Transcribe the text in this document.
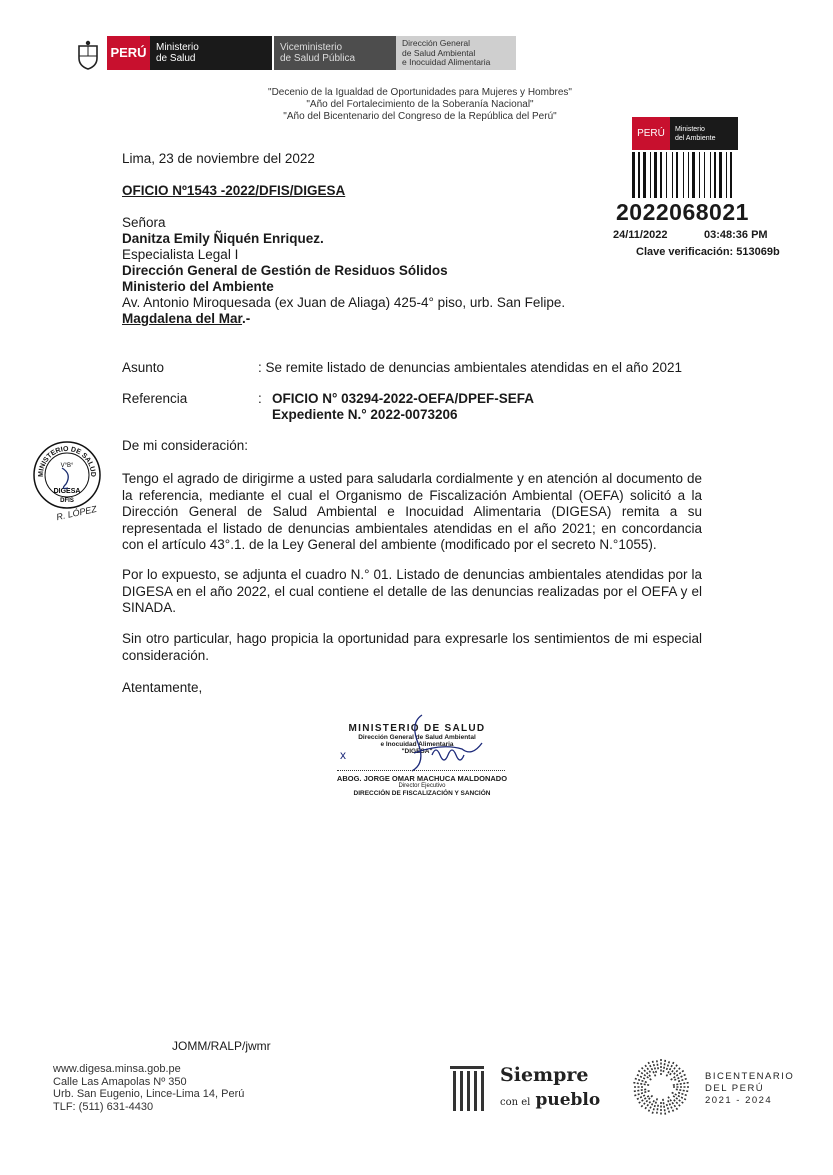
PERÚ Ministerio
de Salud
Viceministerio
de Salud Pública
Dirección General
de Salud Ambiental
e Inocuidad Alimentaria
"Decenio de la Igualdad de Oportunidades para Mujeres y Hombres"
"Año del Fortalecimiento de la Soberanía Nacional"
"Año del Bicentenario del Congreso de la República del Perú"
PERÚ	Ministerio
del Ambiente
2022068021
24/11/2022	03:48:36 PM
Clave verificación: 513069b
Lima, 23 de noviembre del 2022
OFICIO Nº1543 -2022/DFIS/DIGESA
Señora
Danitza Emily Ñiquén Enriquez.
Especialista Legal I
Dirección General de Gestión de Residuos Sólidos
Ministerio del Ambiente
Av. Antonio Miroquesada (ex Juan de Aliaga) 425-4° piso, urb. San Felipe.
Magdalena del Mar.-
Asunto	: Se remite listado de denuncias ambientales atendidas en el año 2021
Referencia	: OFICIO N° 03294-2022-OEFA/DPEF-SEFA
Expediente N.° 2022-0073206
De mi consideración:
Tengo el agrado de dirigirme a usted para saludarla cordialmente y en atención al documento de la referencia, mediante el cual el Organismo de Fiscalización Ambiental (OEFA) solicitó a la Dirección General de Salud Ambiental e Inocuidad Alimentaria (DIGESA) remita a su representada el listado de denuncias ambientales atendidas en el año 2021; en concordancia con el artículo 43°.1. de la Ley General del ambiente (modificado por el secreto N.°1055).
Por lo expuesto, se adjunta el cuadro N.° 01. Listado de denuncias ambientales atendidas por la DIGESA en el año 2022, el cual contiene el detalle de las denuncias realizadas por el OEFA y el SINADA.
Sin otro particular, hago propicia la oportunidad para expresarle los sentimientos de mi especial consideración.
Atentamente,
MINISTERIO DE SALUD
V°B°
DIGESA
DFIS
R. LÓPEZ
MINISTERIO DE SALUD
Dirección General de Salud Ambiental
e Inocuidad Alimentaria
"DIGESA"
ABOG. JORGE OMAR MACHUCA MALDONADO
Director Ejecutivo
DIRECCIÓN DE FISCALIZACIÓN Y SANCIÓN
x
JOMM/RALP/jwmr
www.digesa.minsa.gob.pe
Calle Las Amapolas Nº 350
Urb. San Eugenio, Lince-Lima 14, Perú
TLF: (511) 631-4430
Siempre
con el pueblo
BICENTENARIO
DEL PERÚ
2021 - 2024
